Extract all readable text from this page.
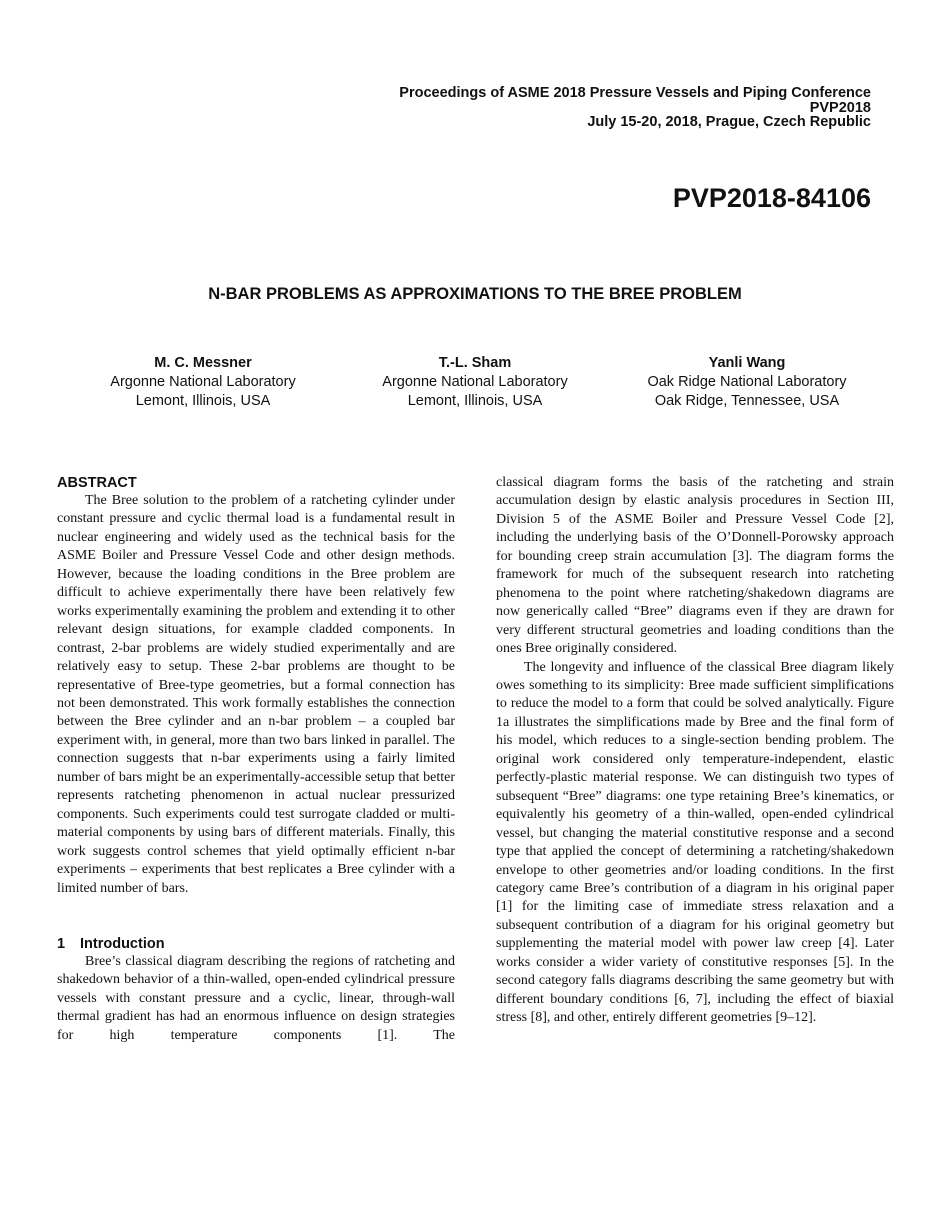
Proceedings of ASME 2018 Pressure Vessels and Piping Conference
PVP2018
July 15-20, 2018, Prague, Czech Republic
PVP2018-84106
N-BAR PROBLEMS AS APPROXIMATIONS TO THE BREE PROBLEM
M. C. Messner
Argonne National Laboratory
Lemont, Illinois, USA
T.-L. Sham
Argonne National Laboratory
Lemont, Illinois, USA
Yanli Wang
Oak Ridge National Laboratory
Oak Ridge, Tennessee, USA
ABSTRACT

The Bree solution to the problem of a ratcheting cylinder under constant pressure and cyclic thermal load is a fundamental result in nuclear engineering and widely used as the technical basis for the ASME Boiler and Pressure Vessel Code and other design methods. However, because the loading conditions in the Bree problem are difficult to achieve experimentally there have been relatively few works experimentally examining the problem and extending it to other relevant design situations, for example cladded components. In contrast, 2-bar problems are widely studied experimentally and are relatively easy to setup. These 2-bar problems are thought to be representative of Bree-type geometries, but a formal connection has not been demonstrated. This work formally establishes the connection between the Bree cylinder and an n-bar problem – a coupled bar experiment with, in general, more than two bars linked in parallel. The connection suggests that n-bar experiments using a fairly limited number of bars might be an experimentally-accessible setup that better represents ratcheting phenomenon in actual nuclear pressurized components. Such experiments could test surrogate cladded or multi-material components by using bars of different materials. Finally, this work suggests control schemes that yield optimally efficient n-bar experiments – experiments that best replicates a Bree cylinder with a limited number of bars.

1 Introduction

Bree’s classical diagram describing the regions of ratcheting and shakedown behavior of a thin-walled, open-ended cylindrical pressure vessels with constant pressure and a cyclic, linear, through-wall thermal gradient has had an enormous influence on design strategies for high temperature components [1]. The

classical diagram forms the basis of the ratcheting and strain accumulation design by elastic analysis procedures in Section III, Division 5 of the ASME Boiler and Pressure Vessel Code [2], including the underlying basis of the O’Donnell-Porowsky approach for bounding creep strain accumulation [3]. The diagram forms the framework for much of the subsequent research into ratcheting phenomena to the point where ratcheting/shakedown diagrams are now generically called “Bree” diagrams even if they are drawn for very different structural geometries and loading conditions than the ones Bree originally considered.

The longevity and influence of the classical Bree diagram likely owes something to its simplicity: Bree made sufficient simplifications to reduce the model to a form that could be solved analytically. Figure 1a illustrates the simplifications made by Bree and the final form of his model, which reduces to a single-section bending problem. The original work considered only temperature-independent, elastic perfectly-plastic material response. We can distinguish two types of subsequent “Bree” diagrams: one type retaining Bree’s kinematics, or equivalently his geometry of a thin-walled, open-ended cylindrical vessel, but changing the material constitutive response and a second type that applied the concept of determining a ratcheting/shakedown envelope to other geometries and/or loading conditions. In the first category came Bree’s contribution of a diagram in his original paper [1] for the limiting case of immediate stress relaxation and a subsequent contribution of a diagram for his original geometry but supplementing the material model with power law creep [4]. Later works consider a wider variety of constitutive responses [5]. In the second category falls diagrams describing the same geometry but with different boundary conditions [6, 7], including the effect of biaxial stress [8], and other, entirely different geometries [9–12].
